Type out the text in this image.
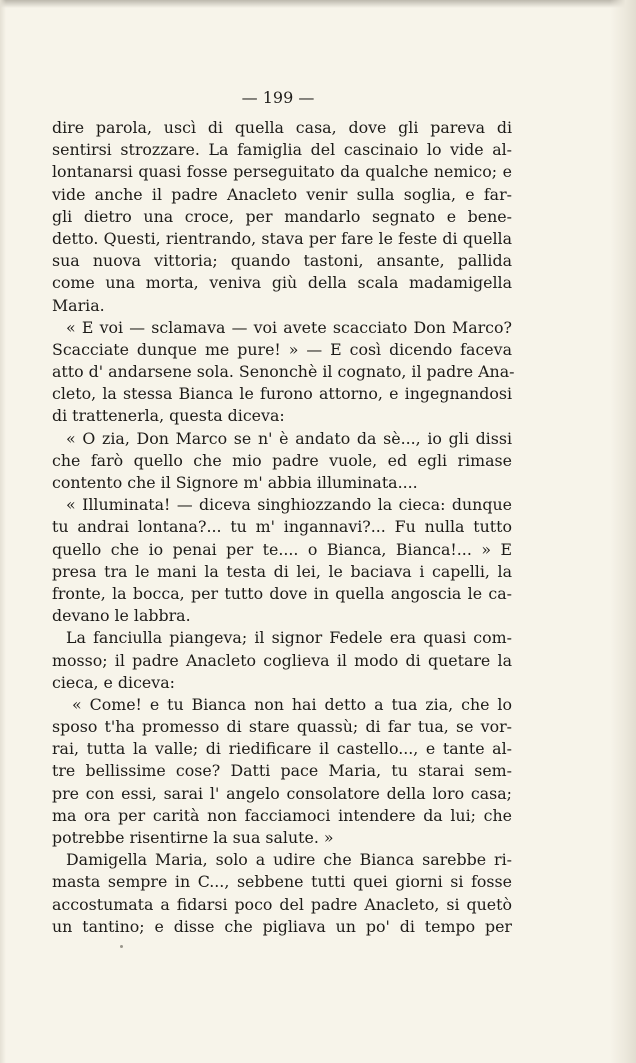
— 199 —
dire parola, uscì di quella casa, dove gli pareva di
sentirsi strozzare. La famiglia del cascinaio lo vide al-
lontanarsi quasi fosse perseguitato da qualche nemico; e
vide anche il padre Anacleto venir sulla soglia, e far-
gli dietro una croce, per mandarlo segnato e bene-
detto. Questi, rientrando, stava per fare le feste di quella
sua nuova vittoria; quando tastoni, ansante, pallida
come una morta, veniva giù della scala madamigella
Maria.
« E voi — sclamava — voi avete scacciato Don Marco?
Scacciate dunque me pure! » — E così dicendo faceva
atto d' andarsene sola. Senonchè il cognato, il padre Ana-
cleto, la stessa Bianca le furono attorno, e ingegnandosi
di trattenerla, questa diceva:
« O zia, Don Marco se n' è andato da sè..., io gli dissi
che farò quello che mio padre vuole, ed egli rimase
contento che il Signore m' abbia illuminata....
« Illuminata! — diceva singhiozzando la cieca: dunque
tu andrai lontana?... tu m' ingannavi?... Fu nulla tutto
quello che io penai per te.... o Bianca, Bianca!... » E
presa tra le mani la testa di lei, le baciava i capelli, la
fronte, la bocca, per tutto dove in quella angoscia le ca-
devano le labbra.
La fanciulla piangeva; il signor Fedele era quasi com-
mosso; il padre Anacleto coglieva il modo di quetare la
cieca, e diceva:
« Come! e tu Bianca non hai detto a tua zia, che lo
sposo t'ha promesso di stare quassù; di far tua, se vor-
rai, tutta la valle; di riedificare il castello..., e tante al-
tre bellissime cose? Datti pace Maria, tu starai sem-
pre con essi, sarai l' angelo consolatore della loro casa;
ma ora per carità non facciamoci intendere da lui; che
potrebbe risentirne la sua salute. »
Damigella Maria, solo a udire che Bianca sarebbe ri-
masta sempre in C..., sebbene tutti quei giorni si fosse
accostumata a fidarsi poco del padre Anacleto, si quetò
un tantino; e disse che pigliava un po' di tempo per
